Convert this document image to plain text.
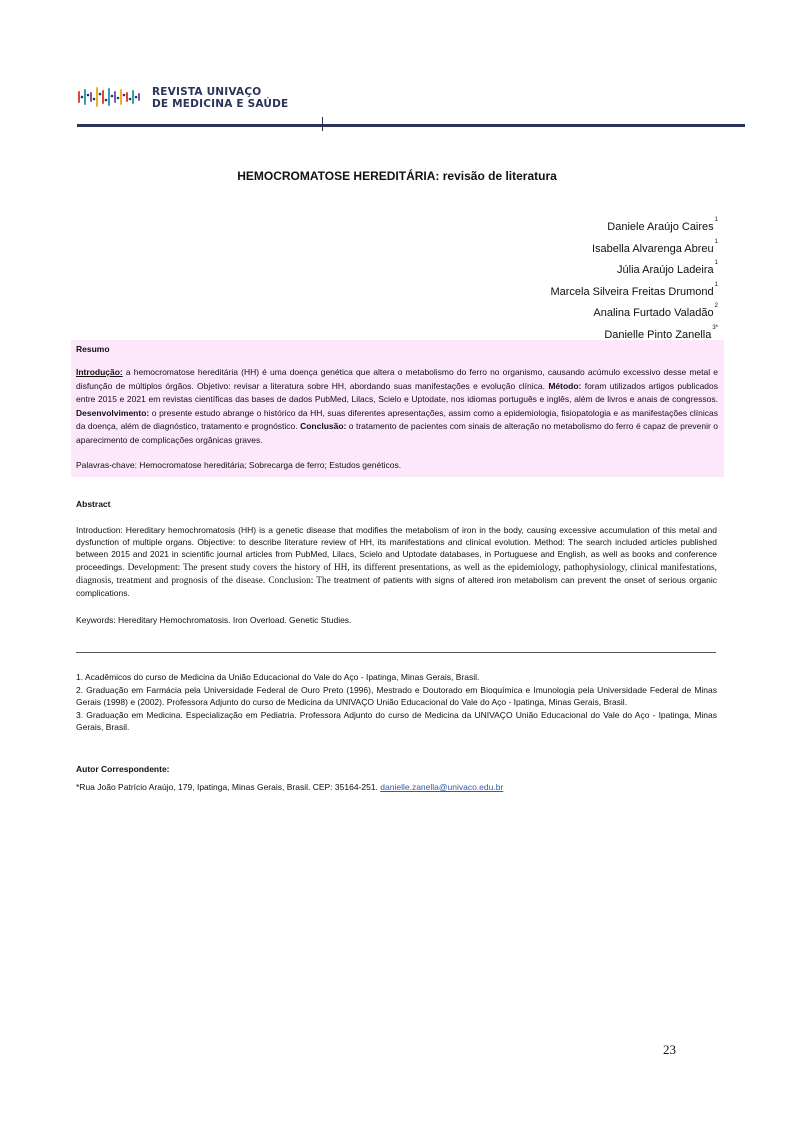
REVISTA UNIVAÇO
DE MEDICINA E SAÚDE
HEMOCROMATOSE HEREDITÁRIA: revisão de literatura
Daniele Araújo Caires$^1$
Isabella Alvarenga Abreu$^1$
Júlia Araújo Ladeira$^1$
Marcela Silveira Freitas Drumond$^1$
Analina Furtado Valadão$^2$
Danielle Pinto Zanella$^{3*}$
Resumo
Introdução: a hemocromatose hereditária (HH) é uma doença genética que altera o metabolismo do ferro no organismo, causando acúmulo excessivo desse metal e disfunção de múltiplos órgãos. Objetivo: revisar a literatura sobre HH, abordando suas manifestações e evolução clínica. Método: foram utilizados artigos publicados entre 2015 e 2021 em revistas científicas das bases de dados PubMed, Lilacs, Scielo e Uptodate, nos idiomas português e inglês, além de livros e anais de congressos. Desenvolvimento: o presente estudo abrange o histórico da HH, suas diferentes apresentações, assim como a epidemiologia, fisiopatologia e as manifestações clínicas da doença, além de diagnóstico, tratamento e prognóstico. Conclusão: o tratamento de pacientes com sinais de alteração no metabolismo do ferro é capaz de prevenir o aparecimento de complicações orgânicas graves.
Palavras-chave: Hemocromatose hereditária; Sobrecarga de ferro; Estudos genéticos.
Abstract
Introduction: Hereditary hemochromatosis (HH) is a genetic disease that modifies the metabolism of iron in the body, causing excessive accumulation of this metal and dysfunction of multiple organs. Objective: to describe literature review of HH, its manifestations and clinical evolution. Method: The search included articles published between 2015 and 2021 in scientific journal articles from PubMed, Lilacs, Scielo and Uptodate databases, in Portuguese and English, as well as books and conference proceedings. Development: The present study covers the history of HH, its different presentations, as well as the epidemiology, pathophysiology, clinical manifestations, diagnosis, treatment and prognosis of the disease. Conclusion: The treatment of patients with signs of altered iron metabolism can prevent the onset of serious organic complications.
Keywords: Hereditary Hemochromatosis. Iron Overload. Genetic Studies.

1. Acadêmicos do curso de Medicina da União Educacional do Vale do Aço - Ipatinga, Minas Gerais, Brasil.

2. Graduação em Farmácia pela Universidade Federal de Ouro Preto (1996), Mestrado e Doutorado em Bioquímica e Imunologia pela Universidade Federal de Minas Gerais (1998) e (2002). Professora Adjunto do curso de Medicina da UNIVAÇO União Educacional do Vale do Aço - Ipatinga, Minas Gerais, Brasil.

3. Graduação em Medicina. Especialização em Pediatria. Professora Adjunto do curso de Medicina da UNIVAÇO União Educacional do Vale do Aço - Ipatinga, Minas Gerais, Brasil.

Autor Correspondente:
*Rua João Patrício Araújo, 179, Ipatinga, Minas Gerais, Brasil. CEP: 35164-251. danielle.zanella@univaco.edu.br
23
